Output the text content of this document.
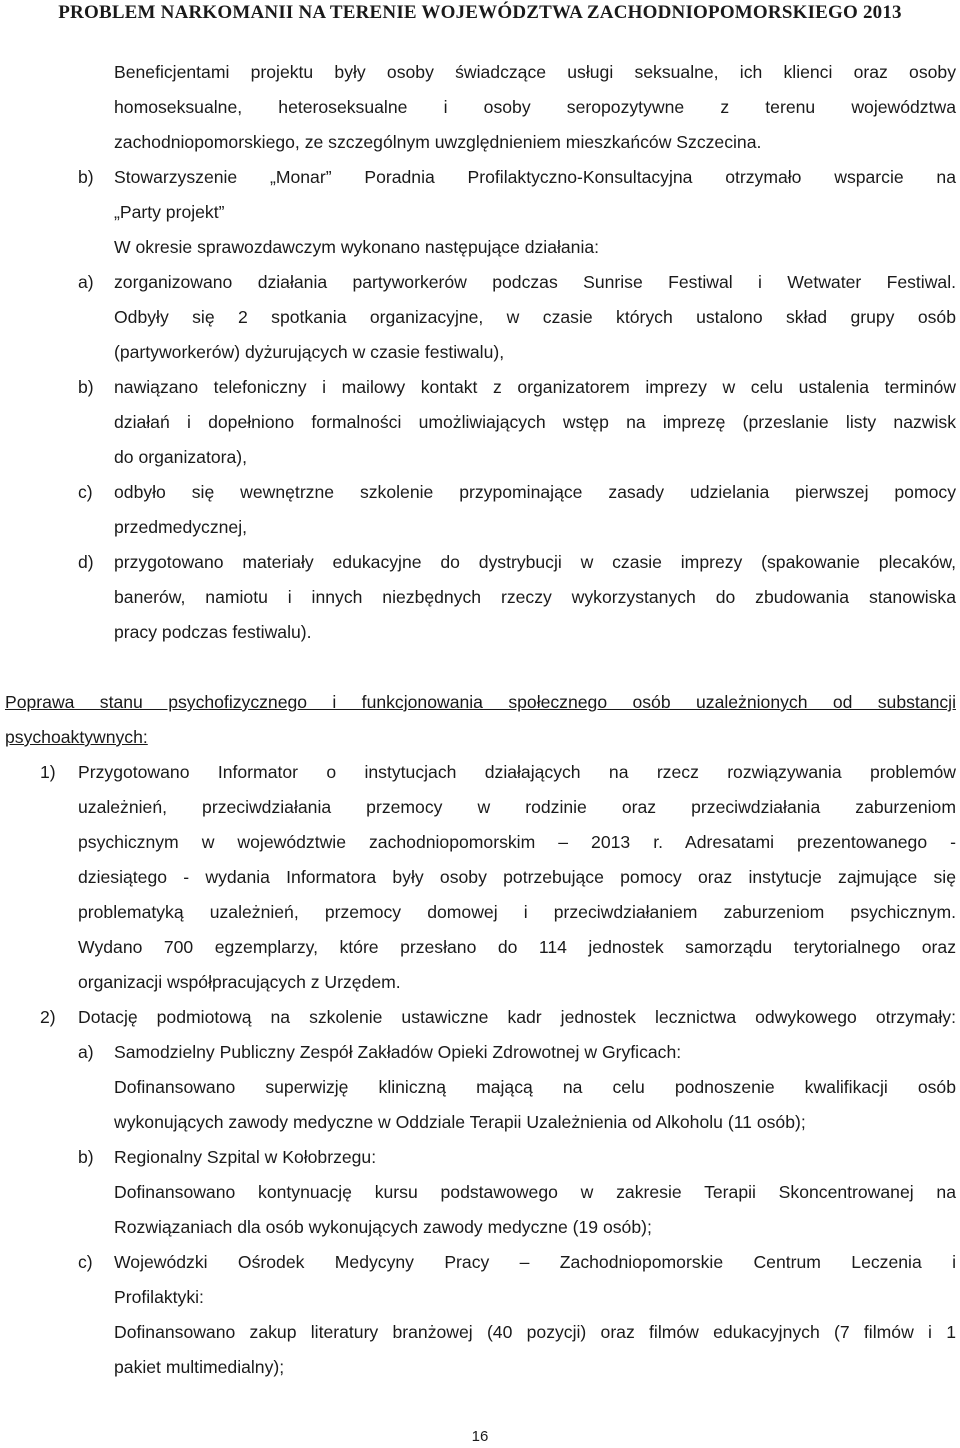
PROBLEM NARKOMANII NA TERENIE WOJEWÓDZTWA ZACHODNIOPOMORSKIEGO 2013
Beneficjentami projektu były osoby świadczące usługi seksualne, ich klienci oraz osoby
homoseksualne, heteroseksualne i osoby seropozytywne z terenu województwa
zachodniopomorskiego, ze szczególnym uwzględnieniem mieszkańców Szczecina.
b) Stowarzyszenie „Monar” Poradnia Profilaktyczno-Konsultacyjna otrzymało wsparcie na
„Party projekt”
W okresie sprawozdawczym wykonano następujące działania:
a) zorganizowano działania partyworkerów podczas Sunrise Festiwal i Wetwater Festiwal.
Odbyły się 2 spotkania organizacyjne, w czasie których ustalono skład grupy osób
(partyworkerów) dyżurujących w czasie festiwalu),
b) nawiązano telefoniczny i mailowy kontakt z organizatorem imprezy w celu ustalenia terminów
działań i dopełniono formalności umożliwiających wstęp na imprezę (przeslanie listy nazwisk
do organizatora),
c) odbyło się wewnętrzne szkolenie przypominające zasady udzielania pierwszej pomocy
przedmedycznej,
d) przygotowano materiały edukacyjne do dystrybucji w czasie imprezy (spakowanie plecaków,
banerów, namiotu i innych niezbędnych rzeczy wykorzystanych do zbudowania stanowiska
pracy podczas festiwalu).
Poprawa stanu psychofizycznego i funkcjonowania społecznego osób uzależnionych od substancji
psychoaktywnych:
1) Przygotowano Informator o instytucjach działających na rzecz rozwiązywania problemów
uzależnień, przeciwdziałania przemocy w rodzinie oraz przeciwdziałania zaburzeniom
psychicznym w województwie zachodniopomorskim – 2013 r. Adresatami prezentowanego -
dziesiątego - wydania Informatora były osoby potrzebujące pomocy oraz instytucje zajmujące się
problematyką uzależnień, przemocy domowej i przeciwdziałaniem zaburzeniom psychicznym.
Wydano 700 egzemplarzy, które przesłano do 114 jednostek samorządu terytorialnego oraz
organizacji współpracujących z Urzędem.
2) Dotację podmiotową na szkolenie ustawiczne kadr jednostek lecznictwa odwykowego otrzymały:
a) Samodzielny Publiczny Zespół Zakładów Opieki Zdrowotnej w Gryficach:
Dofinansowano superwizję kliniczną mającą na celu podnoszenie kwalifikacji osób
wykonujących zawody medyczne w Oddziale Terapii Uzależnienia od Alkoholu (11 osób);
b) Regionalny Szpital w Kołobrzegu:
Dofinansowano kontynuację kursu podstawowego w zakresie Terapii Skoncentrowanej na
Rozwiązaniach dla osób wykonujących zawody medyczne (19 osób);
c) Wojewódzki Ośrodek Medycyny Pracy – Zachodniopomorskie Centrum Leczenia i
Profilaktyki:
Dofinansowano zakup literatury branżowej (40 pozycji) oraz filmów edukacyjnych (7 filmów i 1
pakiet multimedialny);
16
